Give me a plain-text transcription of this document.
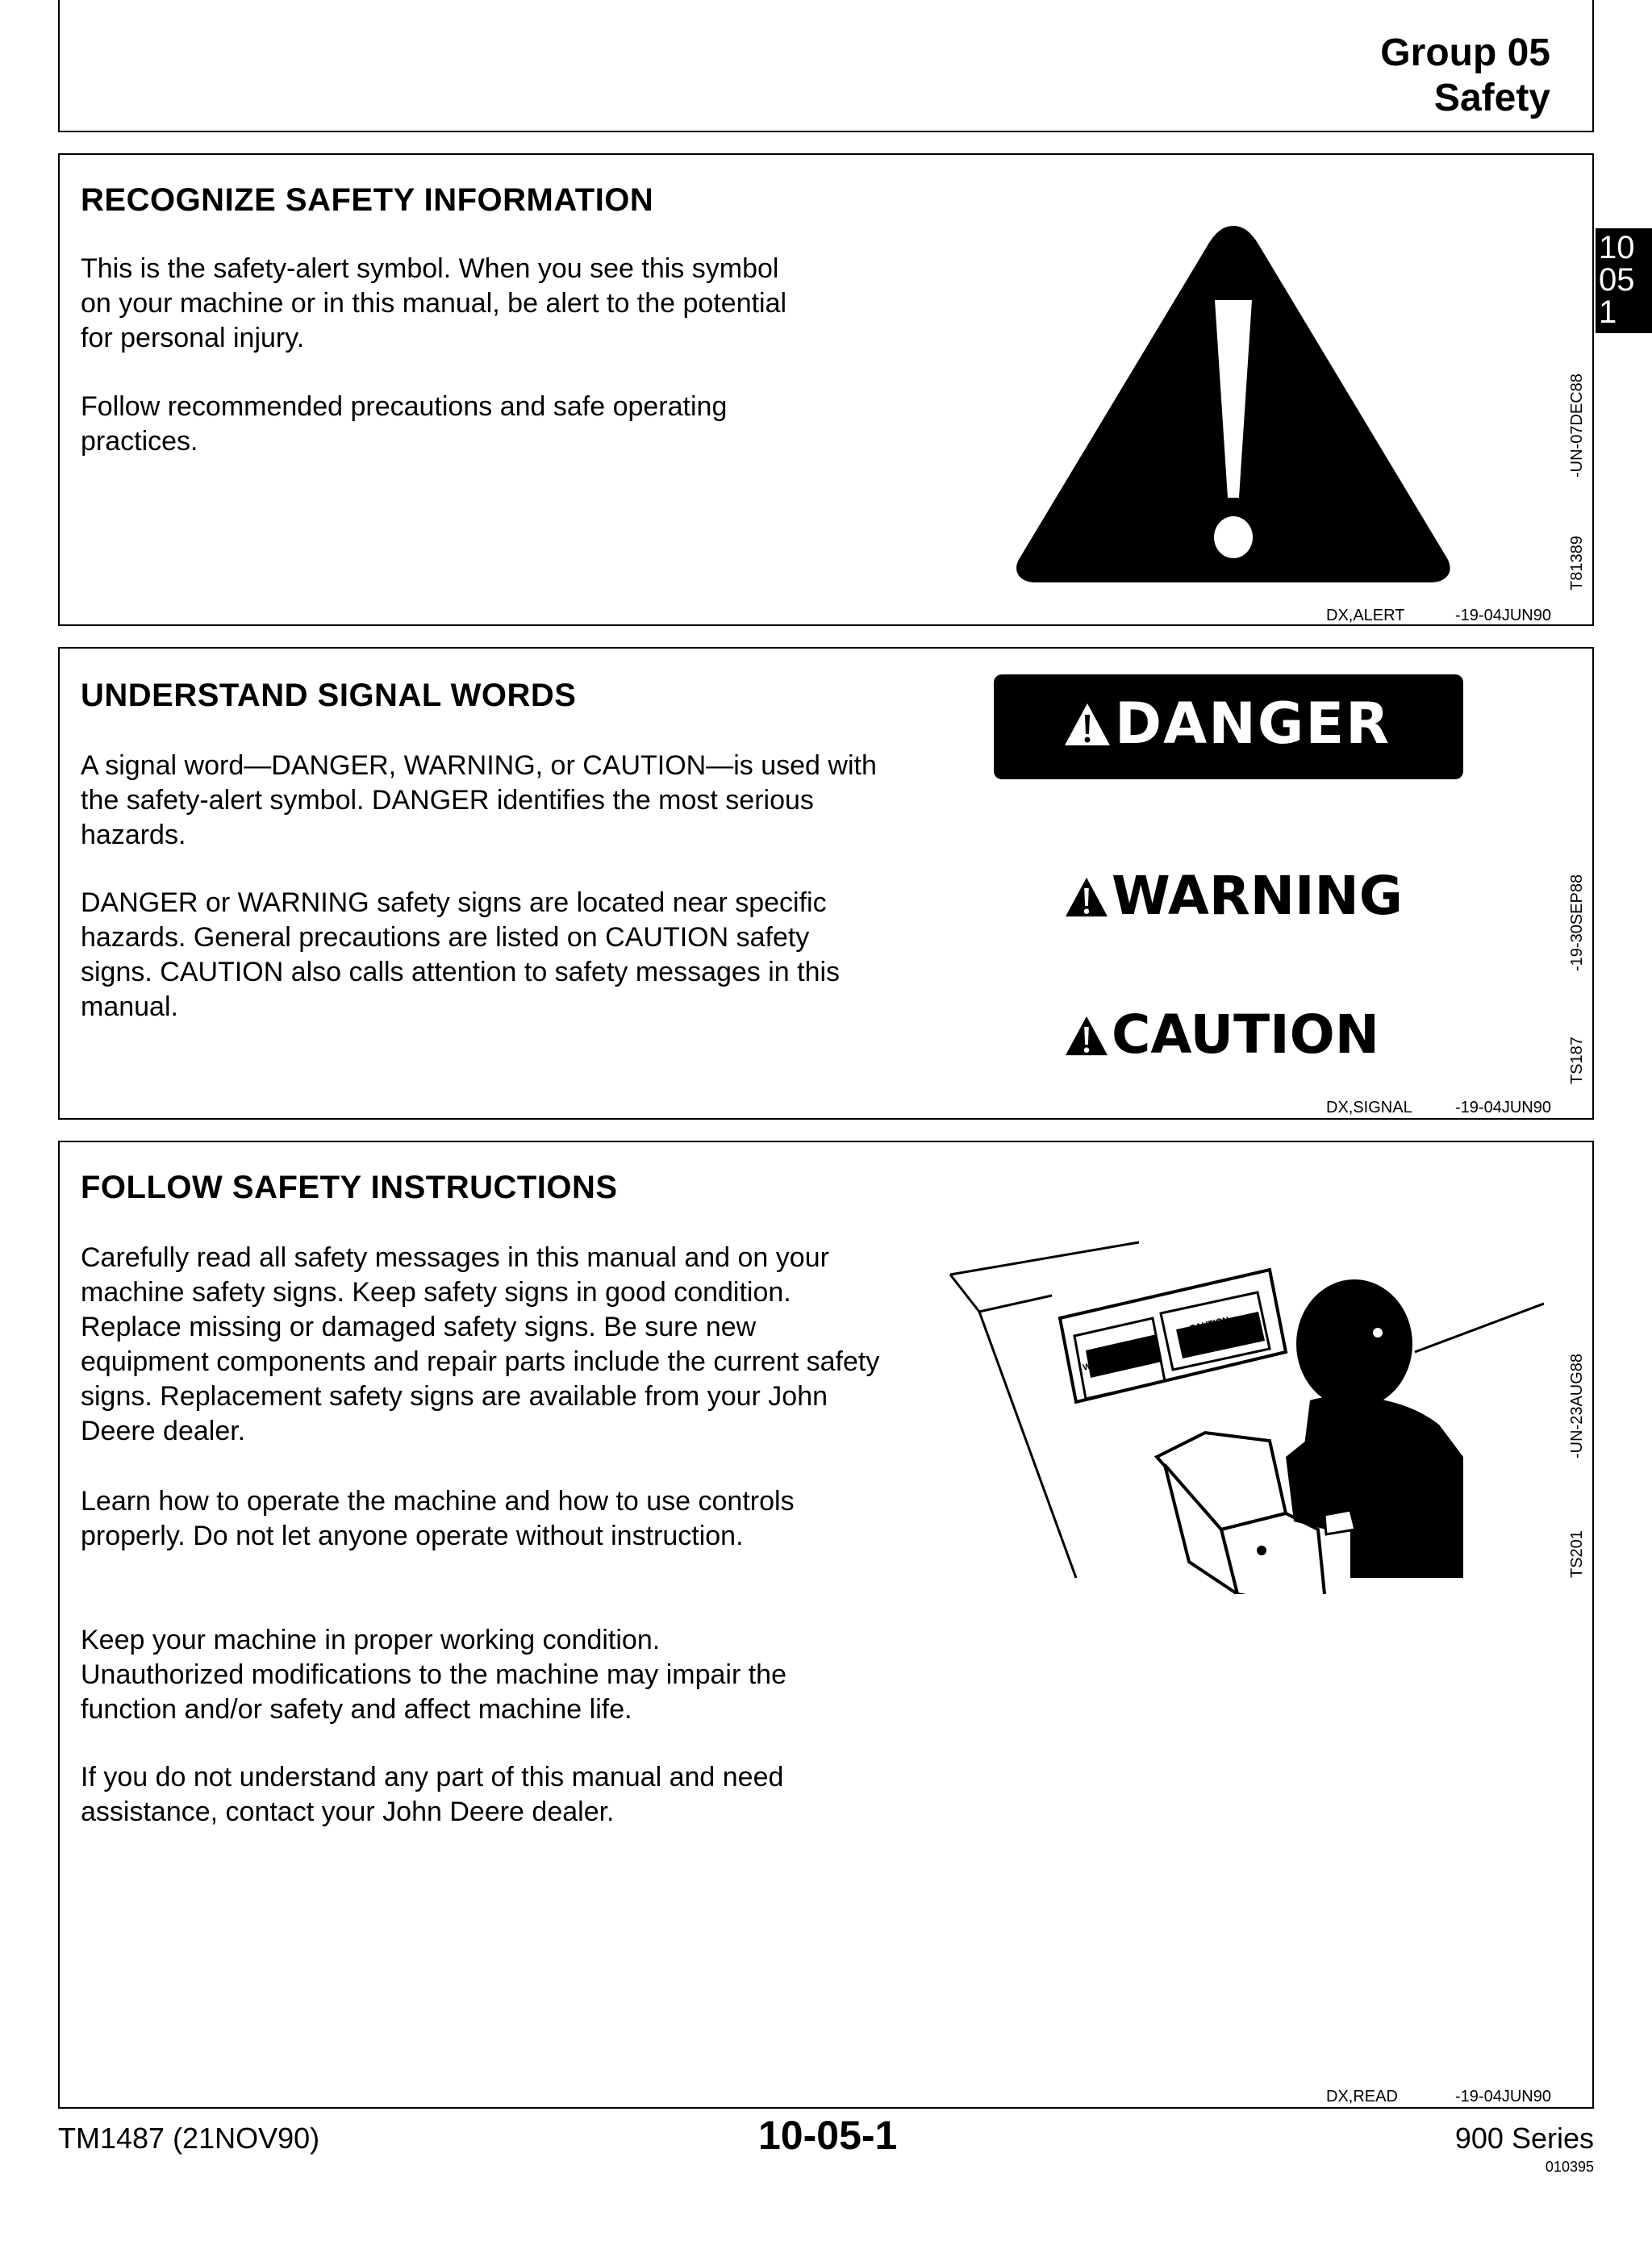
Group 05
Safety
10
05
1
RECOGNIZE SAFETY INFORMATION

This is the safety-alert symbol. When you see this symbol on your machine or in this manual, be alert to the potential for personal injury.

Follow recommended precautions and safe operating practices.

T81389
-UN-07DEC88
DX,ALERT	-19-04JUN90
UNDERSTAND SIGNAL WORDS

A signal word—DANGER, WARNING, or CAUTION—is used with the safety-alert symbol. DANGER identifies the most serious hazards.

DANGER or WARNING safety signs are located near specific hazards. General precautions are listed on CAUTION safety signs. CAUTION also calls attention to safety messages in this manual.

DANGER
WARNING
CAUTION	TS187
-19-30SEP88
DX,SIGNAL	-19-04JUN90
FOLLOW SAFETY INSTRUCTIONS

Carefully read all safety messages in this manual and on your machine safety signs. Keep safety signs in good condition. Replace missing or damaged safety signs. Be sure new equipment components and repair parts include the current safety signs. Replacement safety signs are available from your John Deere dealer.

Learn how to operate the machine and how to use controls properly. Do not let anyone operate without instruction.

Keep your machine in proper working condition. Unauthorized modifications to the machine may impair the function and/or safety and affect machine life.

If you do not understand any part of this manual and need assistance, contact your John Deere dealer.

WARNING
CAUTION
TS201
-UN-23AUG88
DX,READ	-19-04JUN90
TM1487 (21NOV90)	10-05-1	900 Series
010395
